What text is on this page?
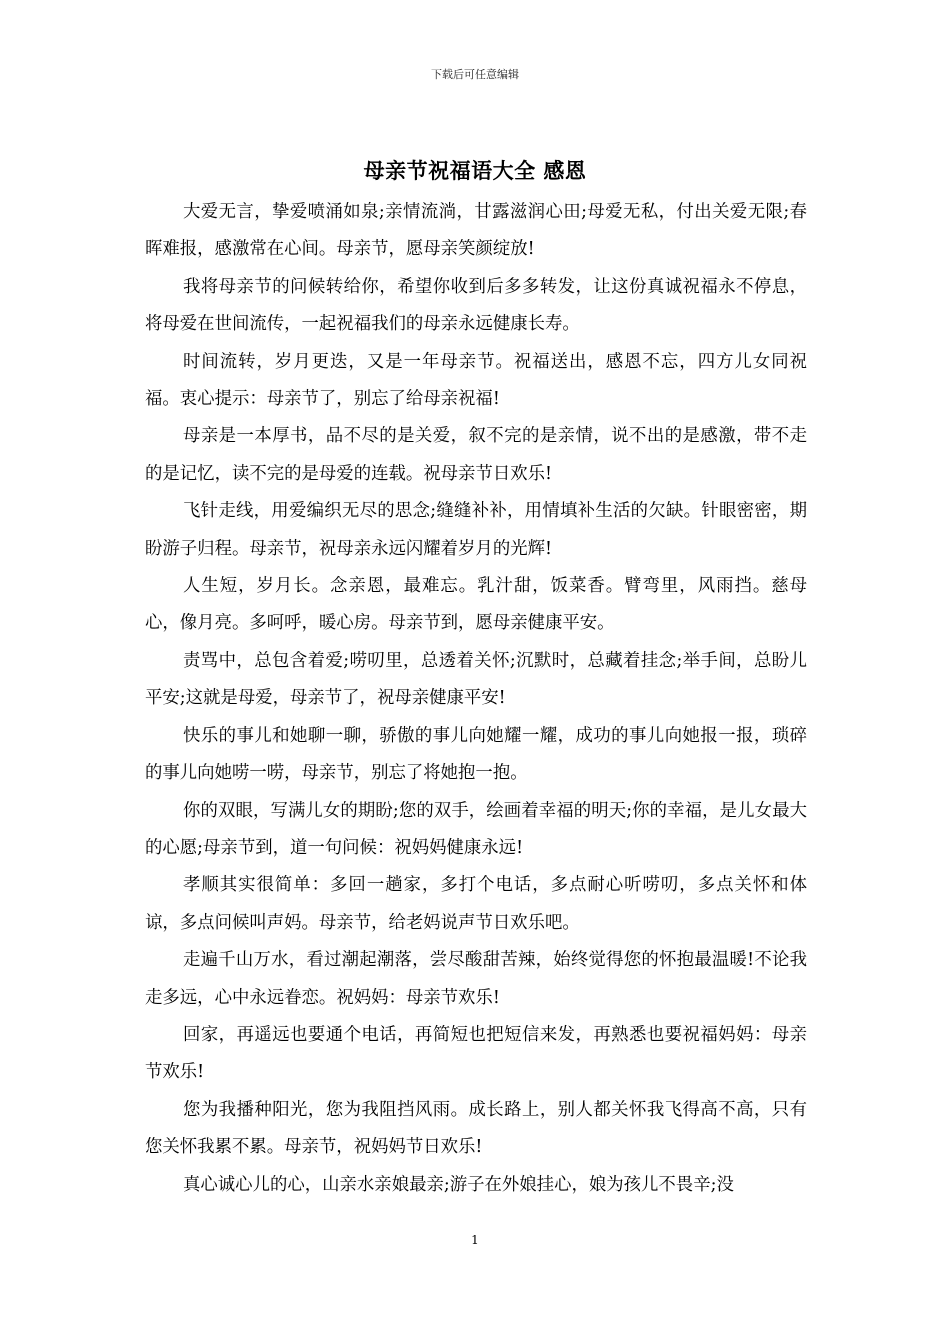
下载后可任意编辑
母亲节祝福语大全 感恩

大爱无言，挚爱喷涌如泉;亲情流淌，甘露滋润心田;母爱无私，付出关爱无限;春晖难报，感激常在心间。母亲节，愿母亲笑颜绽放!

我将母亲节的问候转给你，希望你收到后多多转发，让这份真诚祝福永不停息，将母爱在世间流传，一起祝福我们的母亲永远健康长寿。

时间流转，岁月更迭，又是一年母亲节。祝福送出，感恩不忘，四方儿女同祝福。衷心提示：母亲节了，别忘了给母亲祝福!

母亲是一本厚书，品不尽的是关爱，叙不完的是亲情，说不出的是感激，带不走的是记忆，读不完的是母爱的连载。祝母亲节日欢乐!

飞针走线，用爱编织无尽的思念;缝缝补补，用情填补生活的欠缺。针眼密密，期盼游子归程。母亲节，祝母亲永远闪耀着岁月的光辉!

人生短，岁月长。念亲恩，最难忘。乳汁甜，饭菜香。臂弯里，风雨挡。慈母心，像月亮。多呵呼，暖心房。母亲节到，愿母亲健康平安。

责骂中，总包含着爱;唠叨里，总透着关怀;沉默时，总藏着挂念;举手间，总盼儿平安;这就是母爱，母亲节了，祝母亲健康平安!

快乐的事儿和她聊一聊，骄傲的事儿向她耀一耀，成功的事儿向她报一报，琐碎的事儿向她唠一唠，母亲节，别忘了将她抱一抱。

你的双眼，写满儿女的期盼;您的双手，绘画着幸福的明天;你的幸福，是儿女最大的心愿;母亲节到，道一句问候：祝妈妈健康永远!

孝顺其实很简单：多回一趟家，多打个电话，多点耐心听唠叨，多点关怀和体谅，多点问候叫声妈。母亲节，给老妈说声节日欢乐吧。

走遍千山万水，看过潮起潮落，尝尽酸甜苦辣，始终觉得您的怀抱最温暖!不论我走多远，心中永远眷恋。祝妈妈：母亲节欢乐!

回家，再遥远也要通个电话，再简短也把短信来发，再熟悉也要祝福妈妈：母亲节欢乐!

您为我播种阳光，您为我阻挡风雨。成长路上，别人都关怀我飞得高不高，只有您关怀我累不累。母亲节，祝妈妈节日欢乐!

真心诚心儿的心，山亲水亲娘最亲;游子在外娘挂心，娘为孩儿不畏辛;没

1
